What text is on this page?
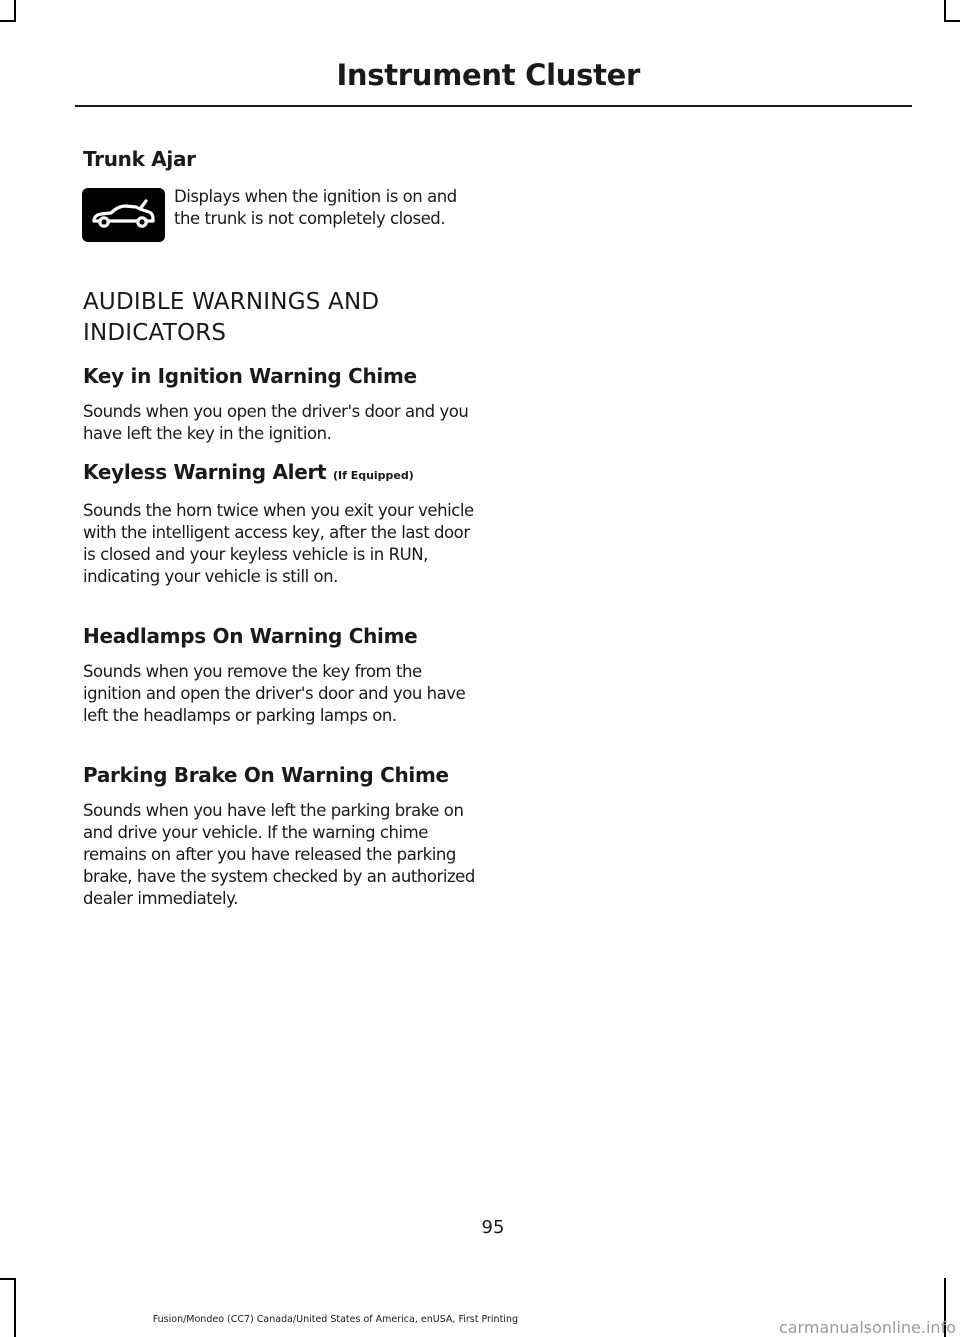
Instrument Cluster
Trunk Ajar

Displays when the ignition is on and the trunk is not completely closed.

AUDIBLE WARNINGS AND
INDICATORS
Key in Ignition Warning Chime

Sounds when you open the driver's door and you have left the key in the ignition.

Keyless Warning Alert (If Equipped)

Sounds the horn twice when you exit your vehicle with the intelligent access key, after the last door is closed and your keyless vehicle is in RUN, indicating your vehicle is still on.

Headlamps On Warning Chime

Sounds when you remove the key from the ignition and open the driver's door and you have left the headlamps or parking lamps on.

Parking Brake On Warning Chime

Sounds when you have left the parking brake on and drive your vehicle. If the warning chime remains on after you have released the parking brake, have the system checked by an authorized dealer immediately.

95
Fusion/Mondeo (CC7) Canada/United States of America, enUSA, First Printing	carmanualsonline.info
